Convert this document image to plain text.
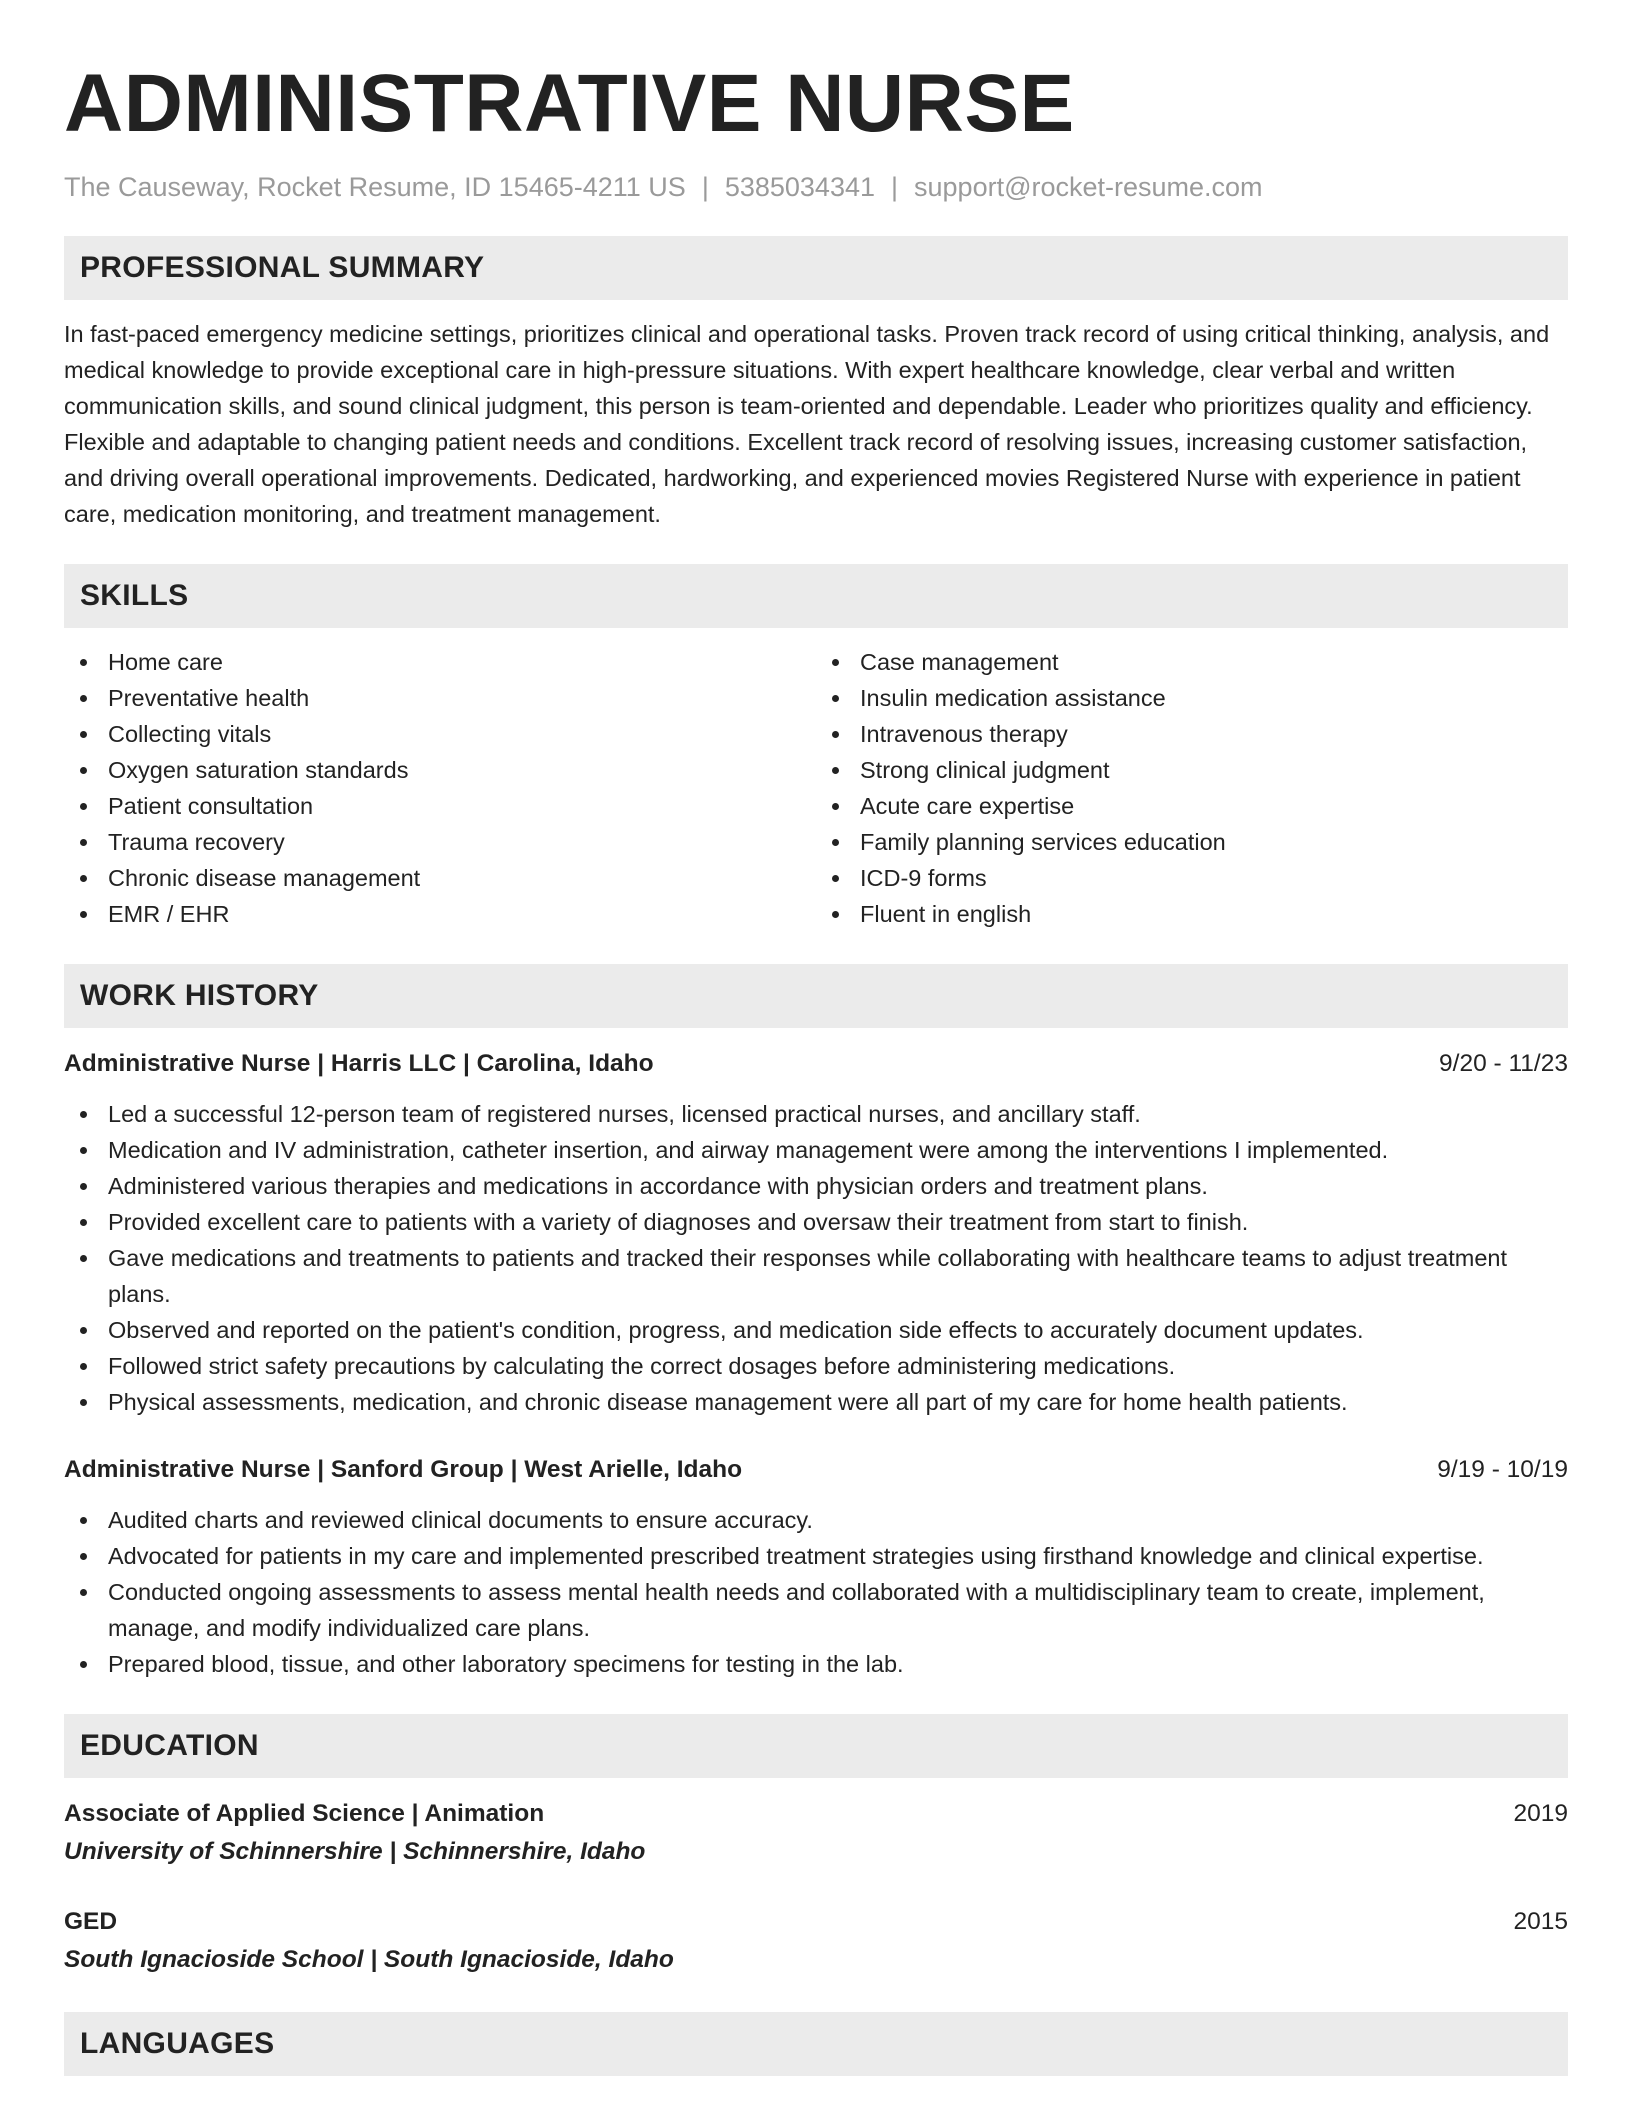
ADMINISTRATIVE NURSE
The Causeway, Rocket Resume, ID 15465-4211 US | 5385034341 | support@rocket-resume.com
PROFESSIONAL SUMMARY

In fast-paced emergency medicine settings, prioritizes clinical and operational tasks. Proven track record of using critical thinking, analysis, and medical knowledge to provide exceptional care in high-pressure situations. With expert healthcare knowledge, clear verbal and written communication skills, and sound clinical judgment, this person is team-oriented and dependable. Leader who prioritizes quality and efficiency. Flexible and adaptable to changing patient needs and conditions. Excellent track record of resolving issues, increasing customer satisfaction, and driving overall operational improvements. Dedicated, hardworking, and experienced movies Registered Nurse with experience in patient care, medication monitoring, and treatment management.

SKILLS
Home care
Preventative health
Collecting vitals
Oxygen saturation standards
Patient consultation
Trauma recovery
Chronic disease management
EMR / EHR
Case management
Insulin medication assistance
Intravenous therapy
Strong clinical judgment
Acute care expertise
Family planning services education
ICD-9 forms
Fluent in english
WORK HISTORY
Administrative Nurse | Harris LLC | Carolina, Idaho	9/20 - 11/23
Led a successful 12-person team of registered nurses, licensed practical nurses, and ancillary staff.
Medication and IV administration, catheter insertion, and airway management were among the interventions I implemented.
Administered various therapies and medications in accordance with physician orders and treatment plans.
Provided excellent care to patients with a variety of diagnoses and oversaw their treatment from start to finish.
Gave medications and treatments to patients and tracked their responses while collaborating with healthcare teams to adjust treatment plans.
Observed and reported on the patient's condition, progress, and medication side effects to accurately document updates.
Followed strict safety precautions by calculating the correct dosages before administering medications.
Physical assessments, medication, and chronic disease management were all part of my care for home health patients.
Administrative Nurse | Sanford Group | West Arielle, Idaho	9/19 - 10/19
Audited charts and reviewed clinical documents to ensure accuracy.
Advocated for patients in my care and implemented prescribed treatment strategies using firsthand knowledge and clinical expertise.
Conducted ongoing assessments to assess mental health needs and collaborated with a multidisciplinary team to create, implement, manage, and modify individualized care plans.
Prepared blood, tissue, and other laboratory specimens for testing in the lab.
EDUCATION
Associate of Applied Science | Animation	2019
University of Schinnershire | Schinnershire, Idaho
GED	2015
South Ignacioside School | South Ignacioside, Idaho
LANGUAGES
